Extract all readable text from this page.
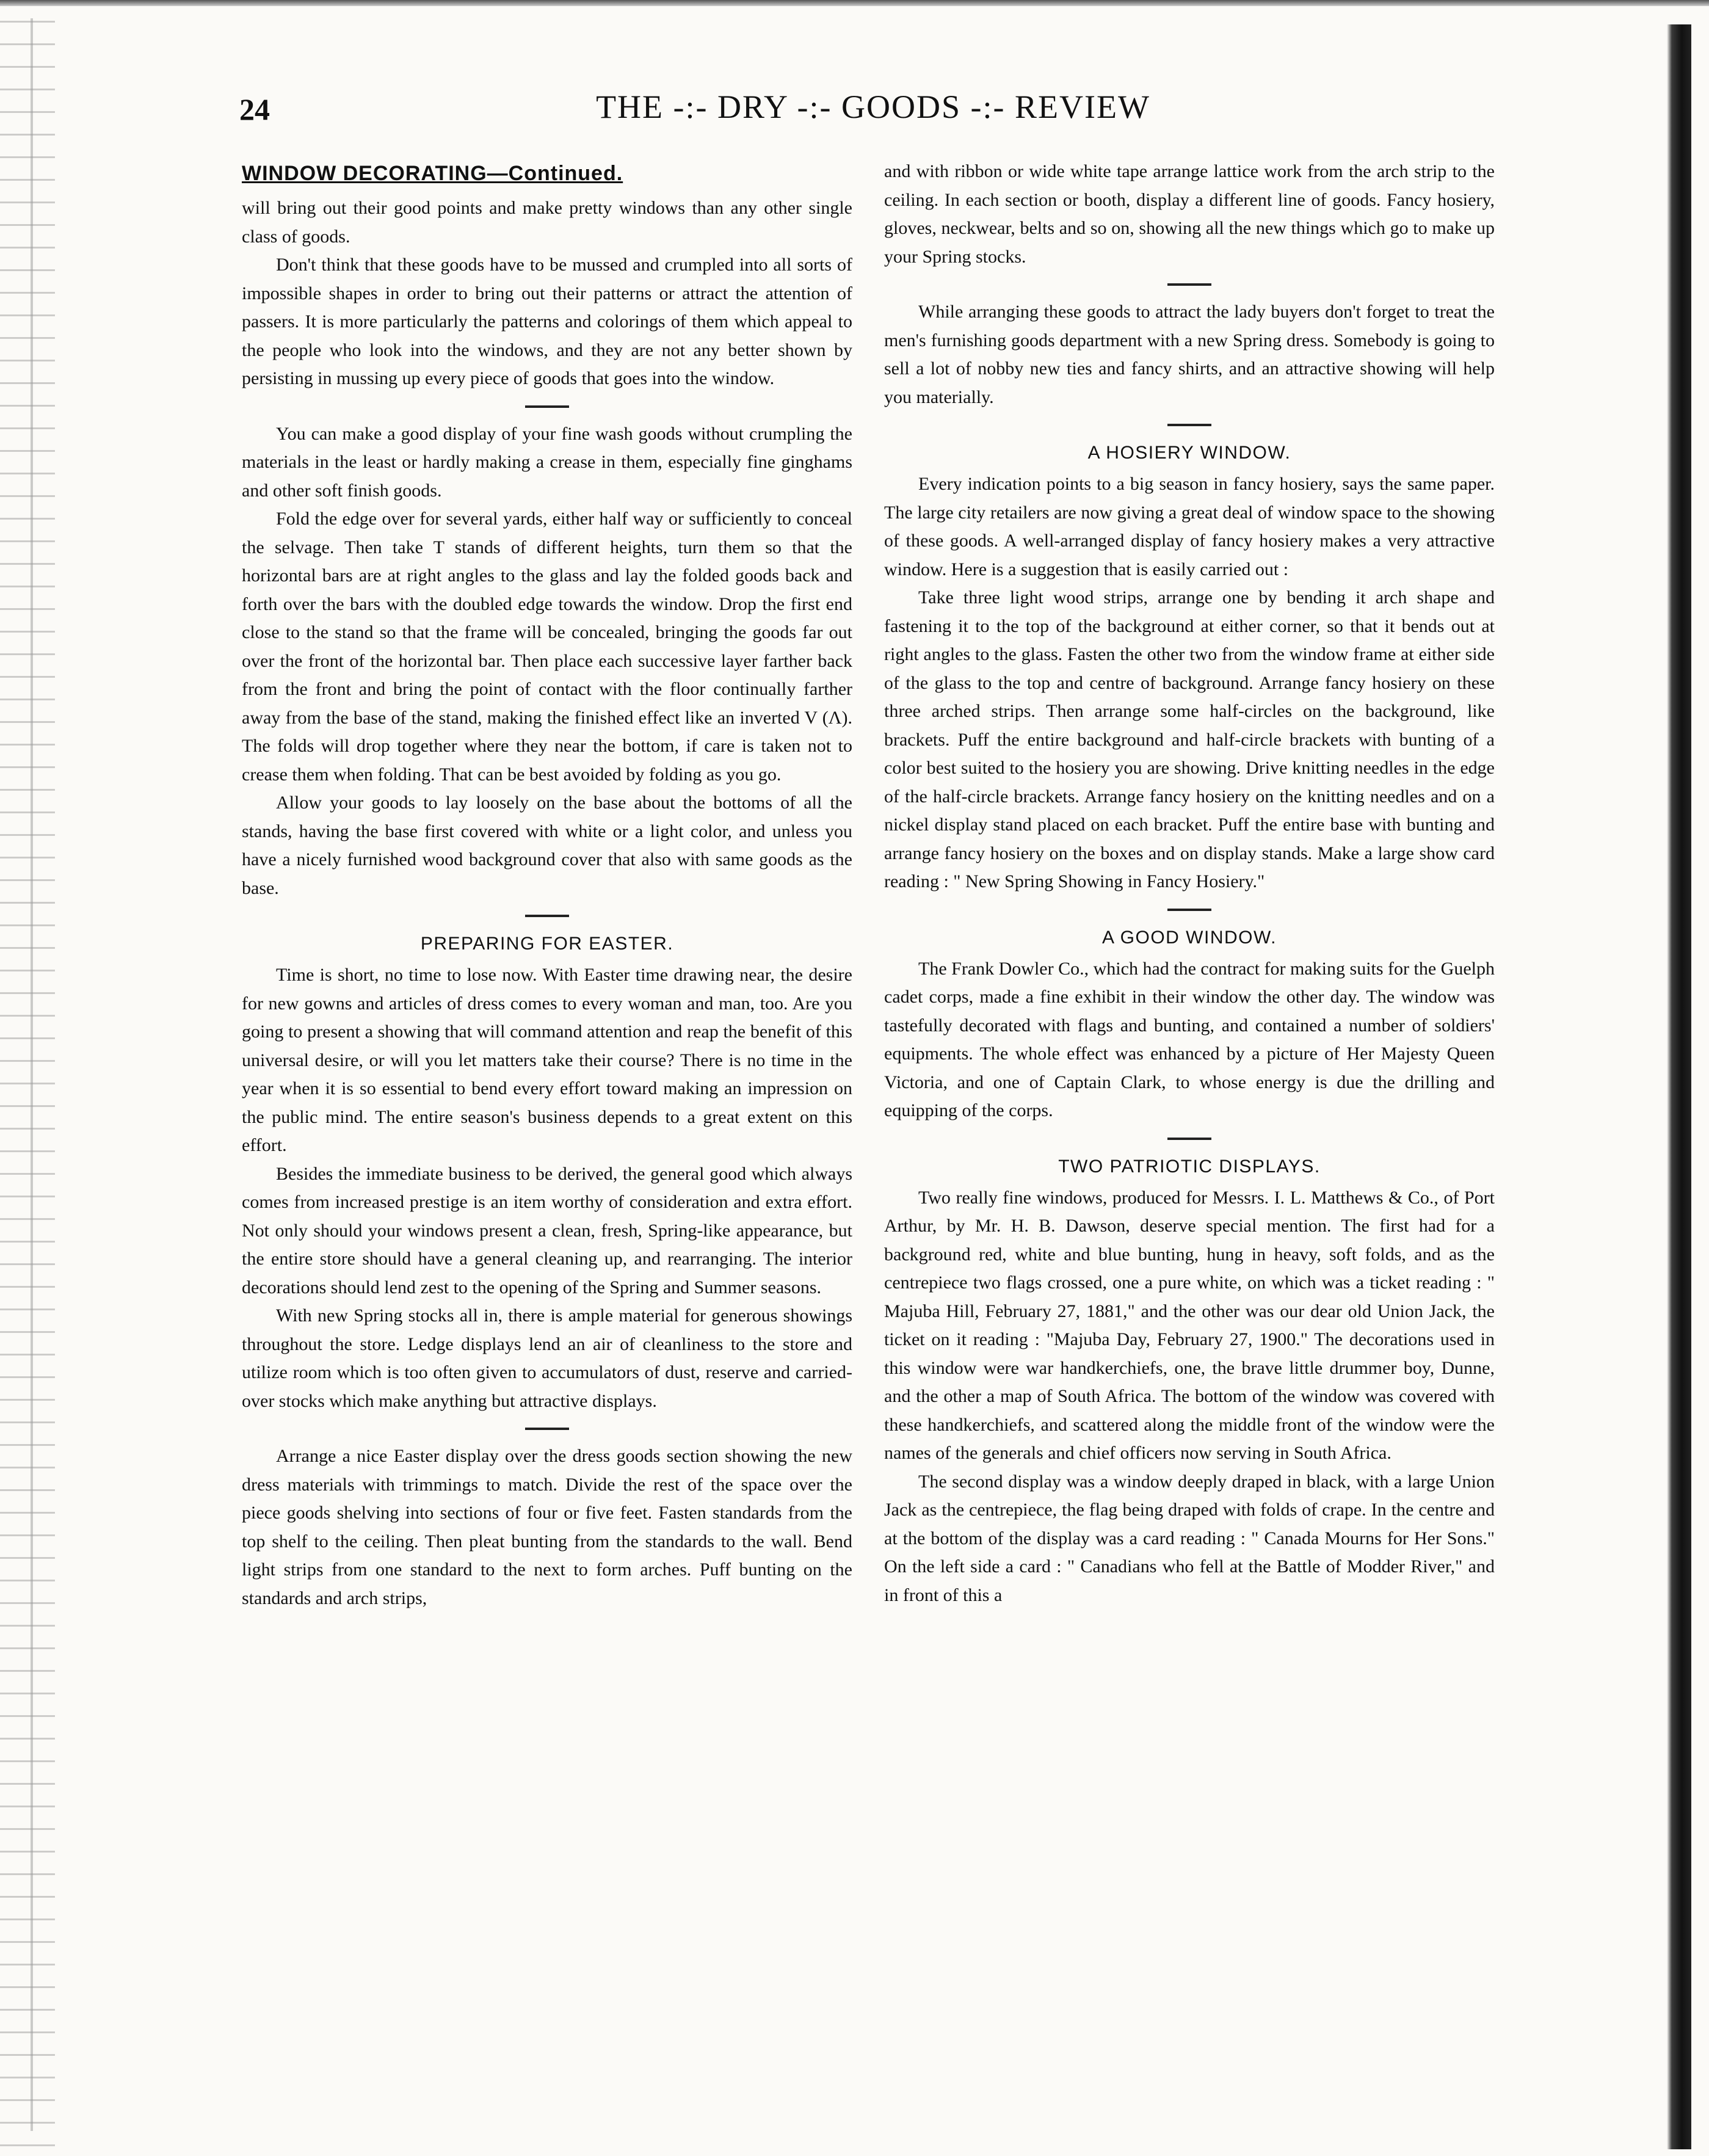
24	THE -:- DRY -:- GOODS -:- REVIEW
WINDOW DECORATING—Continued.

will bring out their good points and make pretty windows than any other single class of goods.

Don't think that these goods have to be mussed and crumpled into all sorts of impossible shapes in order to bring out their patterns or attract the attention of passers. It is more particularly the patterns and colorings of them which appeal to the people who look into the windows, and they are not any better shown by persisting in mussing up every piece of goods that goes into the window.

You can make a good display of your fine wash goods without crumpling the materials in the least or hardly making a crease in them, especially fine ginghams and other soft finish goods.

Fold the edge over for several yards, either half way or sufficiently to conceal the selvage. Then take T stands of different heights, turn them so that the horizontal bars are at right angles to the glass and lay the folded goods back and forth over the bars with the doubled edge towards the window. Drop the first end close to the stand so that the frame will be concealed, bringing the goods far out over the front of the horizontal bar. Then place each successive layer farther back from the front and bring the point of contact with the floor continually farther away from the base of the stand, making the finished effect like an inverted V (Λ). The folds will drop together where they near the bottom, if care is taken not to crease them when folding. That can be best avoided by folding as you go.

Allow your goods to lay loosely on the base about the bottoms of all the stands, having the base first covered with white or a light color, and unless you have a nicely furnished wood background cover that also with same goods as the base.

PREPARING FOR EASTER.

Time is short, no time to lose now. With Easter time drawing near, the desire for new gowns and articles of dress comes to every woman and man, too. Are you going to present a showing that will command attention and reap the benefit of this universal desire, or will you let matters take their course? There is no time in the year when it is so essential to bend every effort toward making an impression on the public mind. The entire season's business depends to a great extent on this effort.

Besides the immediate business to be derived, the general good which always comes from increased prestige is an item worthy of consideration and extra effort. Not only should your windows present a clean, fresh, Spring-like appearance, but the entire store should have a general cleaning up, and rearranging. The interior decorations should lend zest to the opening of the Spring and Summer seasons.

With new Spring stocks all in, there is ample material for generous showings throughout the store. Ledge displays lend an air of cleanliness to the store and utilize room which is too often given to accumulators of dust, reserve and carried-over stocks which make anything but attractive displays.

Arrange a nice Easter display over the dress goods section showing the new dress materials with trimmings to match. Divide the rest of the space over the piece goods shelving into sections of four or five feet. Fasten standards from the top shelf to the ceiling. Then pleat bunting from the standards to the wall. Bend light strips from one standard to the next to form arches. Puff bunting on the standards and arch strips,

and with ribbon or wide white tape arrange lattice work from the arch strip to the ceiling. In each section or booth, display a different line of goods. Fancy hosiery, gloves, neckwear, belts and so on, showing all the new things which go to make up your Spring stocks.

While arranging these goods to attract the lady buyers don't forget to treat the men's furnishing goods department with a new Spring dress. Somebody is going to sell a lot of nobby new ties and fancy shirts, and an attractive showing will help you materially.

A HOSIERY WINDOW.

Every indication points to a big season in fancy hosiery, says the same paper. The large city retailers are now giving a great deal of window space to the showing of these goods. A well-arranged display of fancy hosiery makes a very attractive window. Here is a suggestion that is easily carried out :

Take three light wood strips, arrange one by bending it arch shape and fastening it to the top of the background at either corner, so that it bends out at right angles to the glass. Fasten the other two from the window frame at either side of the glass to the top and centre of background. Arrange fancy hosiery on these three arched strips. Then arrange some half-circles on the background, like brackets. Puff the entire background and half-circle brackets with bunting of a color best suited to the hosiery you are showing. Drive knitting needles in the edge of the half-circle brackets. Arrange fancy hosiery on the knitting needles and on a nickel display stand placed on each bracket. Puff the entire base with bunting and arrange fancy hosiery on the boxes and on display stands. Make a large show card reading : " New Spring Showing in Fancy Hosiery."

A GOOD WINDOW.

The Frank Dowler Co., which had the contract for making suits for the Guelph cadet corps, made a fine exhibit in their window the other day. The window was tastefully decorated with flags and bunting, and contained a number of soldiers' equipments. The whole effect was enhanced by a picture of Her Majesty Queen Victoria, and one of Captain Clark, to whose energy is due the drilling and equipping of the corps.

TWO PATRIOTIC DISPLAYS.

Two really fine windows, produced for Messrs. I. L. Matthews & Co., of Port Arthur, by Mr. H. B. Dawson, deserve special mention. The first had for a background red, white and blue bunting, hung in heavy, soft folds, and as the centrepiece two flags crossed, one a pure white, on which was a ticket reading : " Majuba Hill, February 27, 1881," and the other was our dear old Union Jack, the ticket on it reading : "Majuba Day, February 27, 1900." The decorations used in this window were war handkerchiefs, one, the brave little drummer boy, Dunne, and the other a map of South Africa. The bottom of the window was covered with these handkerchiefs, and scattered along the middle front of the window were the names of the generals and chief officers now serving in South Africa.

The second display was a window deeply draped in black, with a large Union Jack as the centrepiece, the flag being draped with folds of crape. In the centre and at the bottom of the display was a card reading : " Canada Mourns for Her Sons." On the left side a card : " Canadians who fell at the Battle of Modder River," and in front of this a
